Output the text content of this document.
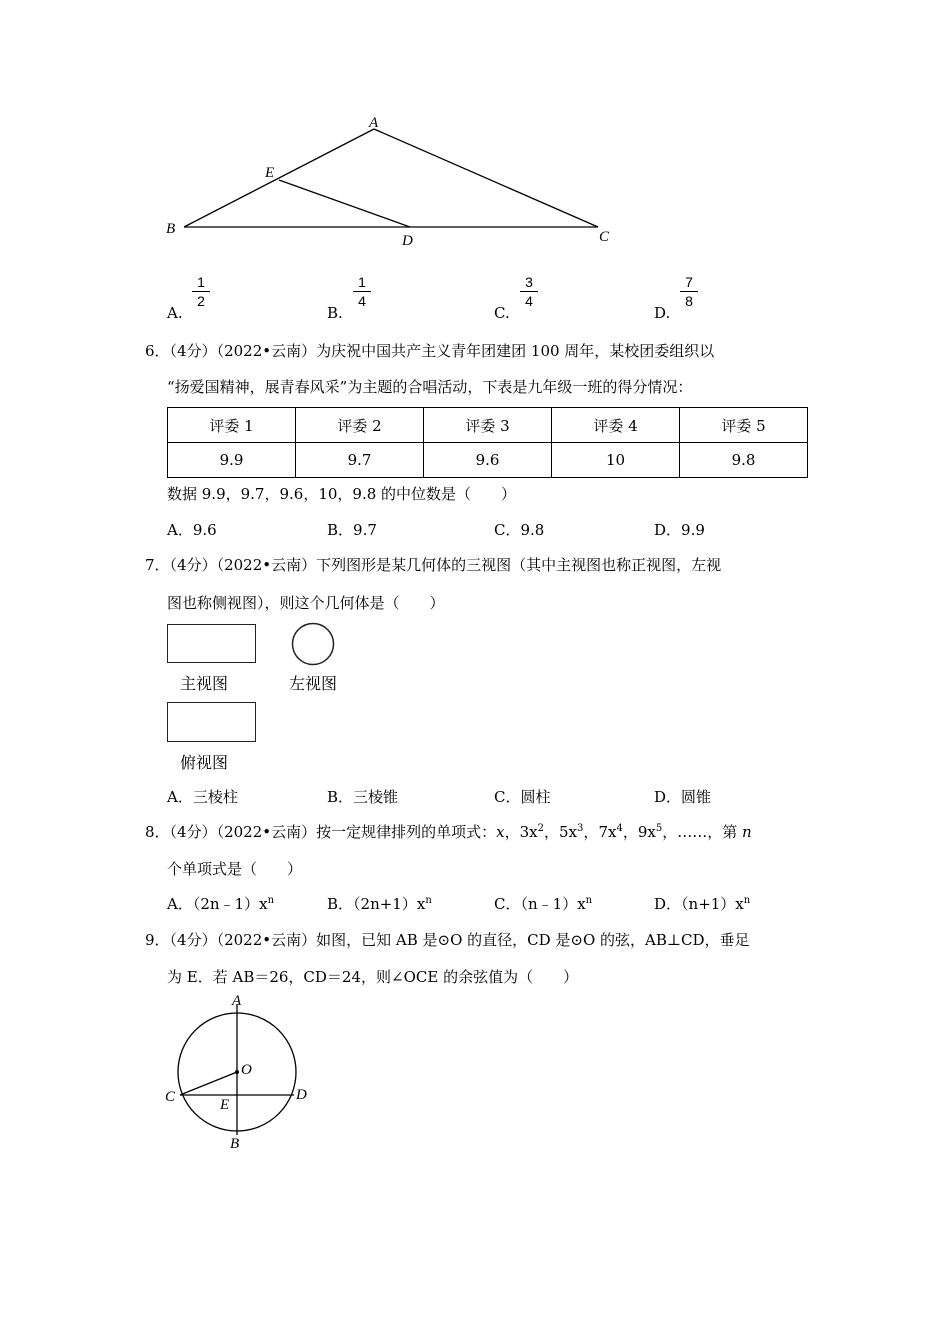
A
E
B
D	C
A.
1
2
B.
1
4
C.
3
4
D.
7
8
6．（4分）（2022•云南）为庆祝中国共产主义青年团建团 100 周年，某校团委组织以
“扬爱国精神，展青春风采”为主题的合唱活动，下表是九年级一班的得分情况：
评委 1	评委 2	评委 3	评委 4	评委 5
9.9	9.7	9.6	10	9.8
数据 9.9，9.7，9.6，10，9.8 的中位数是（　　）
A．9.6	B．9.7	C．9.8	D．9.9
7．（4分）（2022•云南）下列图形是某几何体的三视图（其中主视图也称正视图，左视
图也称侧视图），则这个几何体是（　　）
主视图	左视图
俯视图
A．三棱柱	B．三棱锥	C．圆柱	D．圆锥
8．（4分）（2022•云南）按一定规律排列的单项式：x，$3x^2$，$5x^3$，$7x^4$，$9x^5$，……，第 n
个单项式是（　　）
A．$(2n﹣1)x^n$	B．$(2n+1)x^n$	C．$(n﹣1)x^n$	D．$(n+1)x^n$
9．（4分）（2022•云南）如图，已知 AB 是⊙O 的直径，CD 是⊙O 的弦，AB⊥CD，垂足
为 E．若 AB＝26，CD＝24，则∠OCE 的余弦值为（　　）
A
O
C	E
D
B
